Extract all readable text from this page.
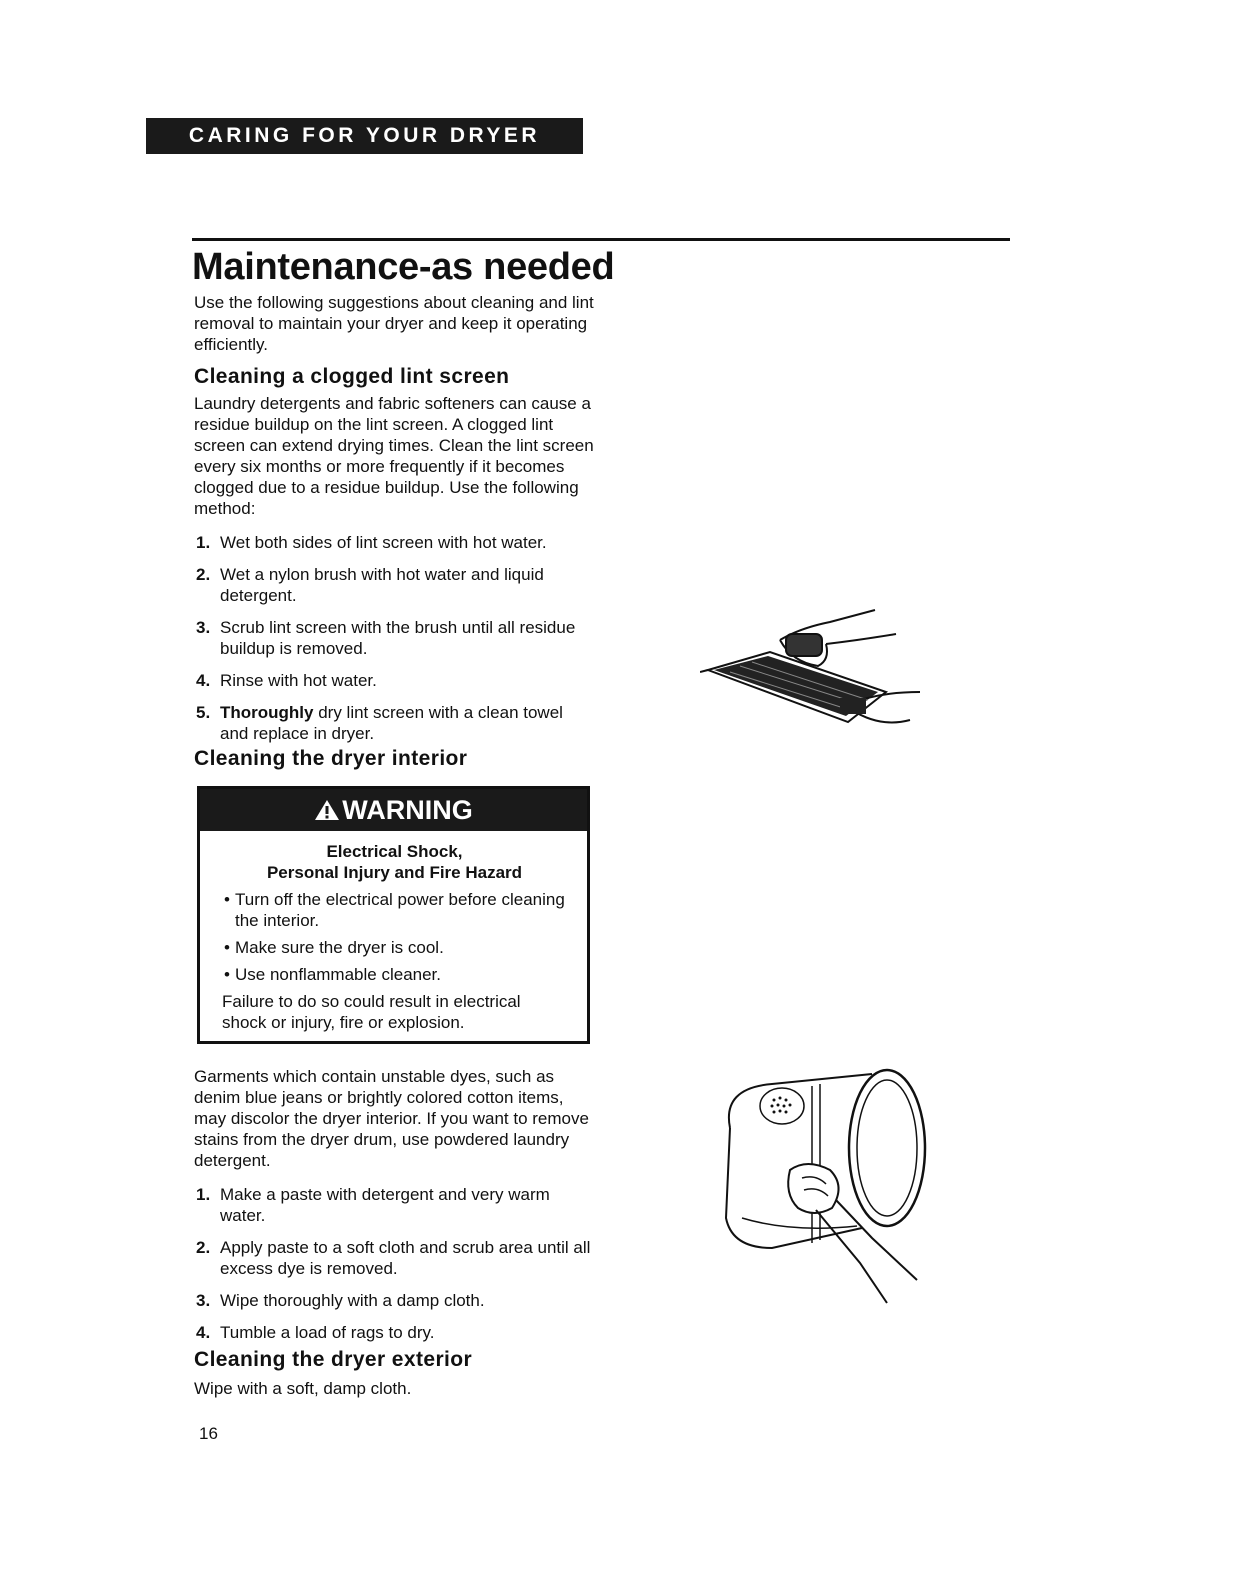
CARING FOR YOUR DRYER
Maintenance-as needed

Use the following suggestions about cleaning and lint removal to maintain your dryer and keep it operating efficiently.

Cleaning a clogged lint screen

Laundry detergents and fabric softeners can cause a residue buildup on the lint screen. A clogged lint screen can extend drying times. Clean the lint screen every six months or more frequently if it becomes clogged due to a residue buildup. Use the following method:

1. Wet both sides of lint screen with hot water.
2. Wet a nylon brush with hot water and liquid detergent.
3. Scrub lint screen with the brush until all residue buildup is removed.
4. Rinse with hot water.
5. Thoroughly dry lint screen with a clean towel and replace in dryer.
Cleaning the dryer interior
WARNING

Electrical Shock,
Personal Injury and Fire Hazard

• Turn off the electrical power before cleaning the interior.
• Make sure the dryer is cool.
• Use nonflammable cleaner.

Failure to do so could result in electrical shock or injury, fire or explosion.

Garments which contain unstable dyes, such as denim blue jeans or brightly colored cotton items, may discolor the dryer interior. If you want to remove stains from the dryer drum, use powdered laundry detergent.

1. Make a paste with detergent and very warm water.
2. Apply paste to a soft cloth and scrub area until all excess dye is removed.
3. Wipe thoroughly with a damp cloth.
4. Tumble a load of rags to dry.
Cleaning the dryer exterior

Wipe with a soft, damp cloth.

16
